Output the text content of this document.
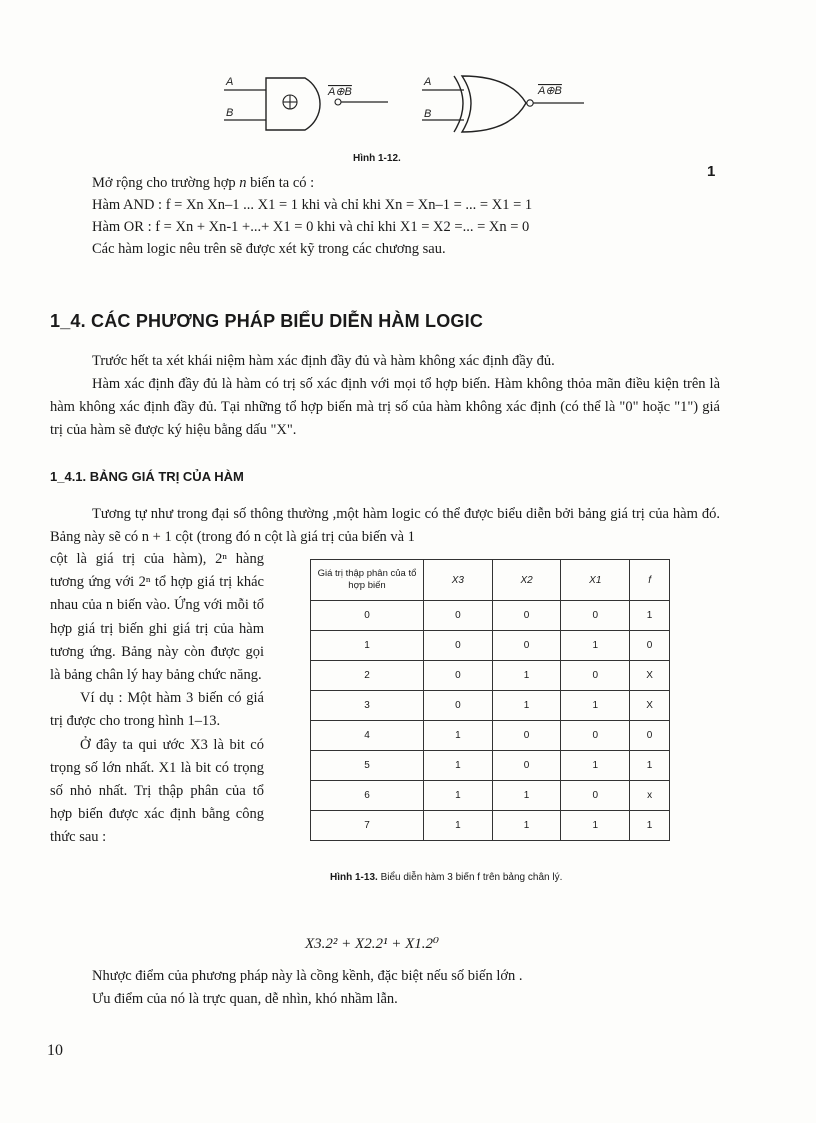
A
B
A⊕B
A
B
A⊕B
Hình 1-12.
1
Mở rộng cho trường hợp n biến ta có :
Hàm AND : f = Xn Xn–1 ... X1 = 1 khi và chỉ khi Xn = Xn–1 = ... = X1 = 1
Hàm OR : f = Xn + Xn-1 +...+ X1 = 0 khi và chỉ khi X1 = X2 =... = Xn = 0
Các hàm logic nêu trên sẽ được xét kỹ trong các chương sau.
1_4. CÁC PHƯƠNG PHÁP BIỂU DIỄN HÀM LOGIC

Trước hết ta xét khái niệm hàm xác định đầy đủ và hàm không xác định đầy đủ.

Hàm xác định đầy đủ là hàm có trị số xác định với mọi tổ hợp biến. Hàm không thỏa mãn điều kiện trên là hàm không xác định đầy đủ. Tại những tổ hợp biến mà trị số của hàm không xác định (có thể là "0" hoặc "1") giá trị của hàm sẽ được ký hiệu bằng dấu "X".

1_4.1. BẢNG GIÁ TRỊ CỦA HÀM

Tương tự như trong đại số thông thường ,một hàm logic có thể được biểu diễn bởi bảng giá trị của hàm đó. Bảng này sẽ có n + 1 cột (trong đó n cột là giá trị của biến và 1

cột là giá trị của hàm), 2ⁿ hàng tương ứng với 2ⁿ tổ hợp giá trị khác nhau của n biến vào. Ứng với mỗi tổ hợp giá trị biến ghi giá trị của hàm tương ứng. Bảng này còn được gọi là bảng chân lý hay bảng chức năng.

Ví dụ : Một hàm 3 biến có giá trị được cho trong hình 1–13.

Ở đây ta qui ước X3 là bit có trọng số lớn nhất. X1 là bit có trọng số nhỏ nhất. Trị thập phân của tổ hợp biến được xác định bằng công thức sau :

Giá trị thập phân của tổ hợp biến	X3	X2	X1	f
0	0	0	0	1
1	0	0	1	0
2	0	1	0	X
3	0	1	1	X
4	1	0	0	0
5	1	0	1	1
6	1	1	0	x
7	1	1	1	1
Hình 1-13. Biểu diễn hàm 3 biến f trên bảng chân lý.
X3.2² + X2.2¹ + X1.2⁰
Nhược điểm của phương pháp này là cồng kềnh, đặc biệt nếu số biến lớn .
Ưu điểm của nó là trực quan, dễ nhìn, khó nhầm lẫn.
10
